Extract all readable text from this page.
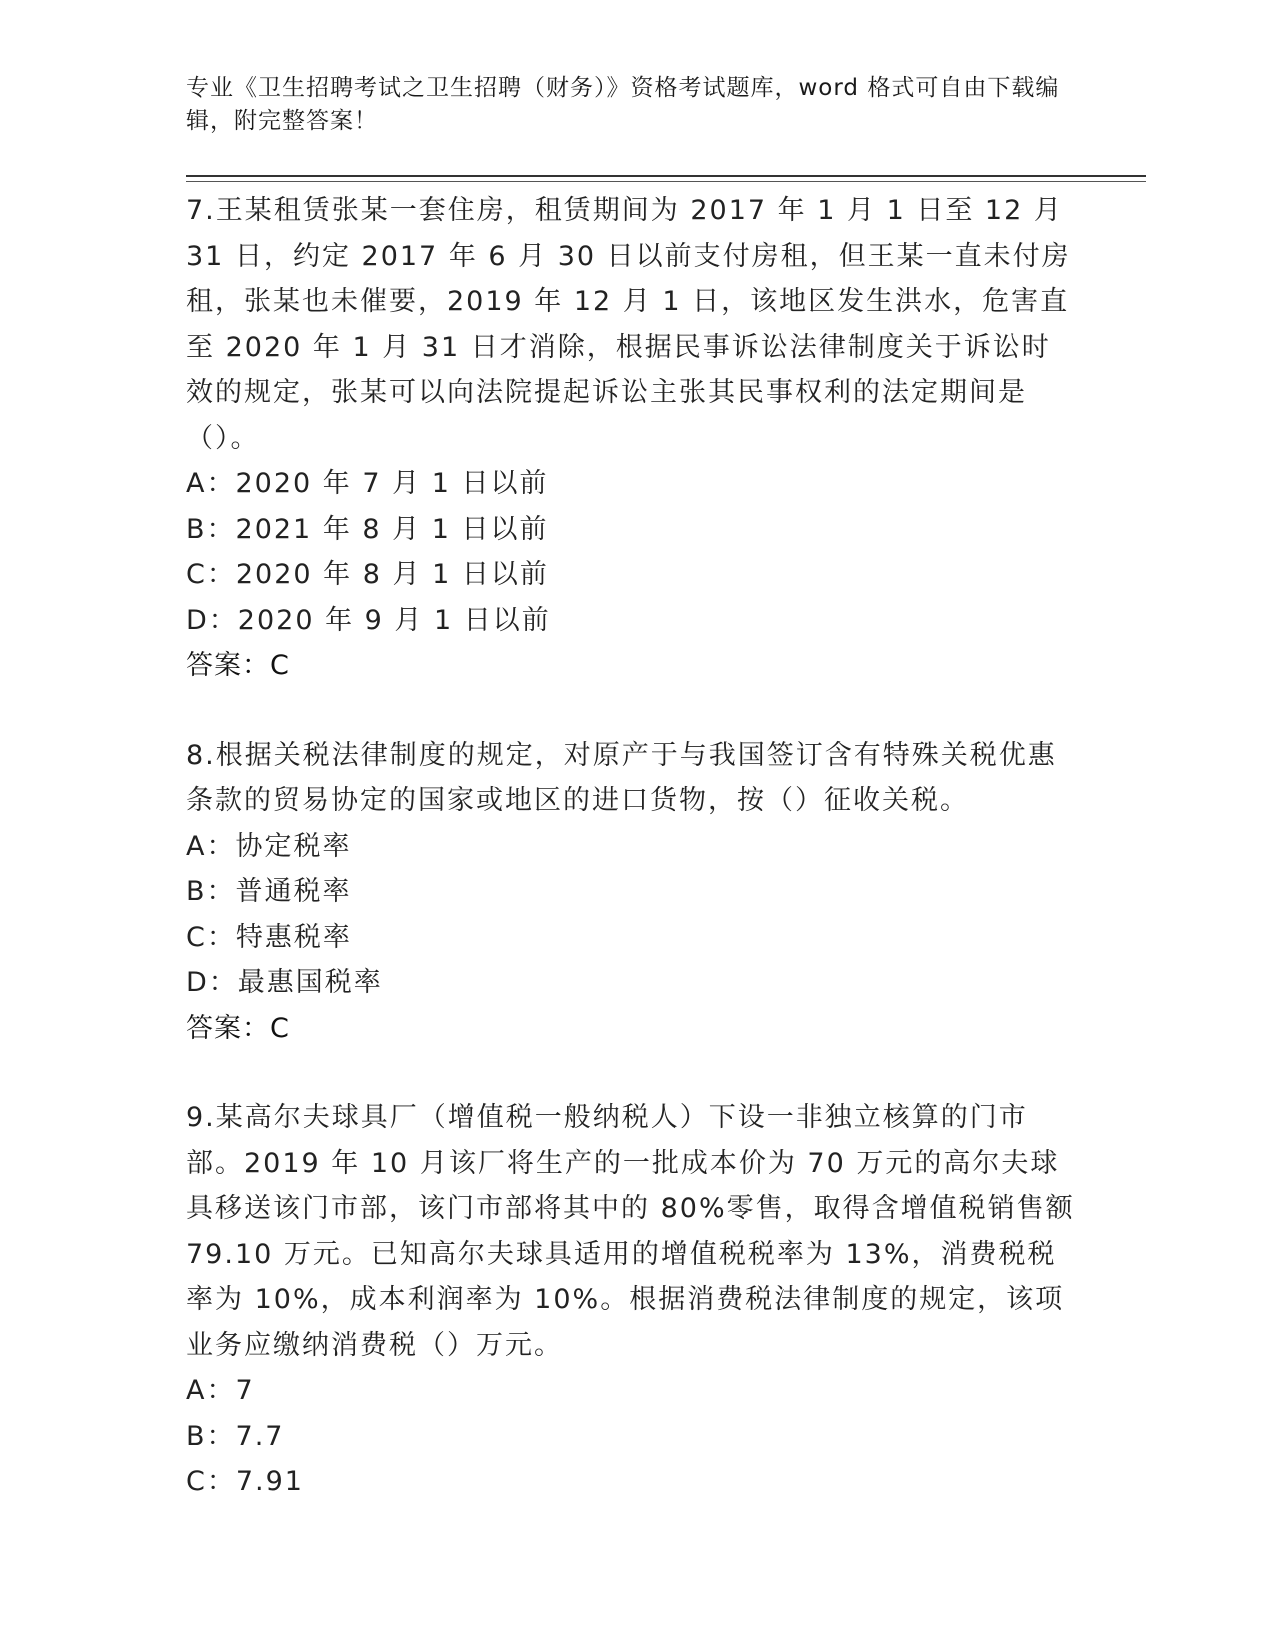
专业《卫生招聘考试之卫生招聘（财务）》资格考试题库，word 格式可自由下载编辑，附完整答案！

7.王某租赁张某一套住房，租赁期间为 2017 年 1 月 1 日至 12 月 31 日，约定 2017 年 6 月 30 日以前支付房租，但王某一直未付房租，张某也未催要，2019 年 12 月 1 日，该地区发生洪水，危害直至 2020 年 1 月 31 日才消除，根据民事诉讼法律制度关于诉讼时效的规定，张某可以向法院提起诉讼主张其民事权利的法定期间是（）。

A：2020 年 7 月 1 日以前

B：2021 年 8 月 1 日以前

C：2020 年 8 月 1 日以前

D：2020 年 9 月 1 日以前

答案：C

8.根据关税法律制度的规定，对原产于与我国签订含有特殊关税优惠条款的贸易协定的国家或地区的进口货物，按（）征收关税。

A：协定税率

B：普通税率

C：特惠税率

D：最惠国税率

答案：C

9.某高尔夫球具厂（增值税一般纳税人）下设一非独立核算的门市部。2019 年 10 月该厂将生产的一批成本价为 70 万元的高尔夫球具移送该门市部，该门市部将其中的 80%零售，取得含增值税销售额 79.10 万元。已知高尔夫球具适用的增值税税率为 13%，消费税税率为 10%，成本利润率为 10%。根据消费税法律制度的规定，该项业务应缴纳消费税（）万元。

A：7

B：7.7

C：7.91
